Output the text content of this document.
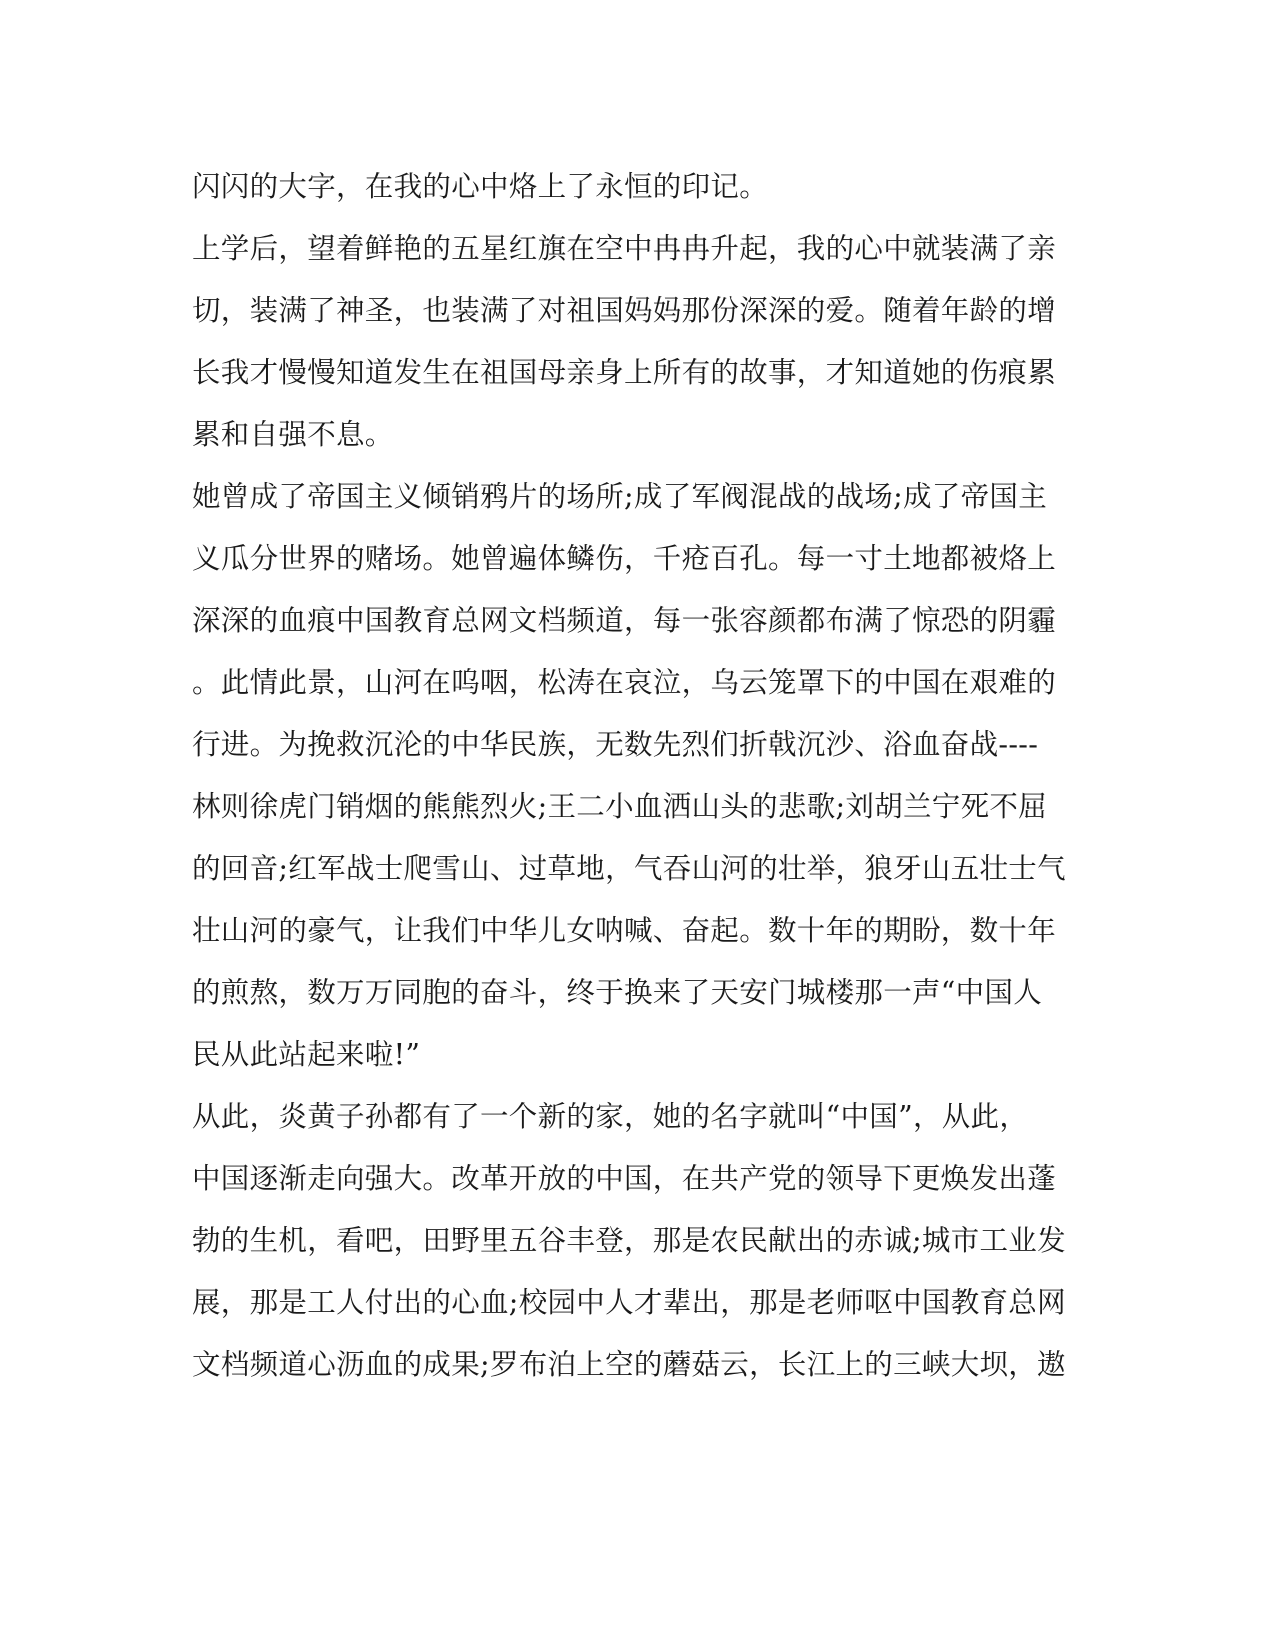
闪闪的大字，在我的心中烙上了永恒的印记。
上学后，望着鲜艳的五星红旗在空中冉冉升起，我的心中就装满了亲
切，装满了神圣，也装满了对祖国妈妈那份深深的爱。随着年龄的增
长我才慢慢知道发生在祖国母亲身上所有的故事，才知道她的伤痕累
累和自强不息。
她曾成了帝国主义倾销鸦片的场所;成了军阀混战的战场;成了帝国主
义瓜分世界的赌场。她曾遍体鳞伤，千疮百孔。每一寸土地都被烙上
深深的血痕中国教育总网文档频道，每一张容颜都布满了惊恐的阴霾
。此情此景，山河在呜咽，松涛在哀泣，乌云笼罩下的中国在艰难的
行进。为挽救沉沦的中华民族，无数先烈们折戟沉沙、浴血奋战----
林则徐虎门销烟的熊熊烈火;王二小血洒山头的悲歌;刘胡兰宁死不屈
的回音;红军战士爬雪山、过草地，气吞山河的壮举，狼牙山五壮士气
壮山河的豪气，让我们中华儿女呐喊、奋起。数十年的期盼，数十年
的煎熬，数万万同胞的奋斗，终于换来了天安门城楼那一声“中国人
民从此站起来啦!”
从此，炎黄子孙都有了一个新的家，她的名字就叫“中国”，从此，
中国逐渐走向强大。改革开放的中国，在共产党的领导下更焕发出蓬
勃的生机，看吧，田野里五谷丰登，那是农民献出的赤诚;城市工业发
展，那是工人付出的心血;校园中人才辈出，那是老师呕中国教育总网
文档频道心沥血的成果;罗布泊上空的蘑菇云，长江上的三峡大坝，遨
